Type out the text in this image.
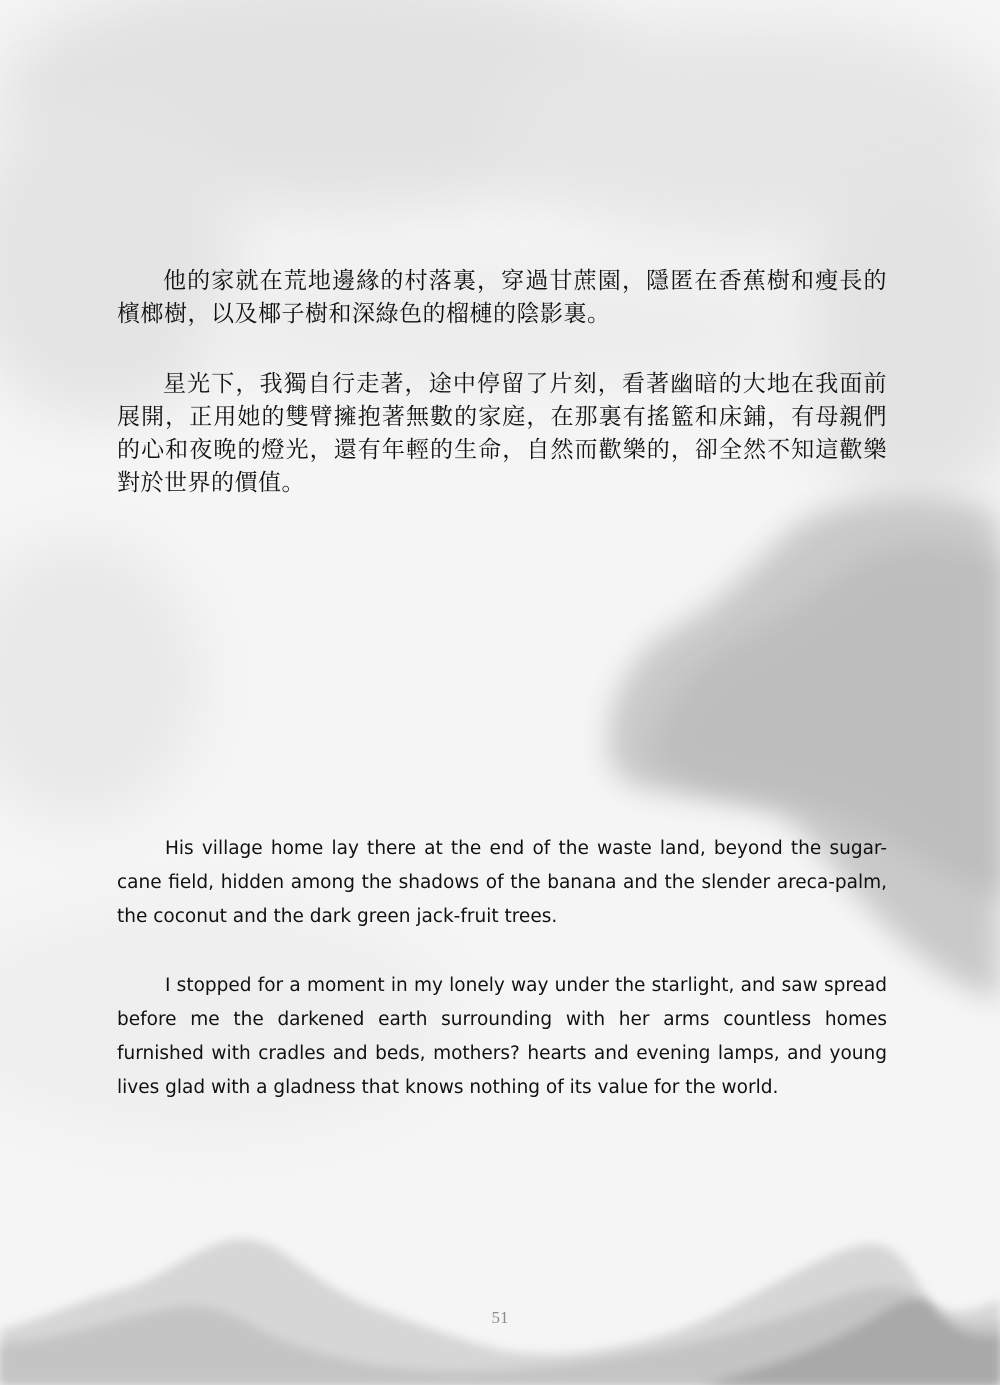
他的家就在荒地邊緣的村落裏，穿過甘蔗園，隱匿在香蕉樹和瘦長的檳榔樹，以及椰子樹和深綠色的榴槤的陰影裏。

星光下，我獨自行走著，途中停留了片刻，看著幽暗的大地在我面前展開，正用她的雙臂擁抱著無數的家庭，在那裏有搖籃和床鋪，有母親們的心和夜晚的燈光，還有年輕的生命，自然而歡樂的，卻全然不知這歡樂對於世界的價值。

His village home lay there at the end of the waste land, beyond the sugar-cane field, hidden among the shadows of the banana and the slender areca-palm, the coconut and the dark green jack-fruit trees.

I stopped for a moment in my lonely way under the starlight, and saw spread before me the darkened earth surrounding with her arms countless homes furnished with cradles and beds, mothers? hearts and evening lamps, and young lives glad with a gladness that knows nothing of its value for the world.

51
